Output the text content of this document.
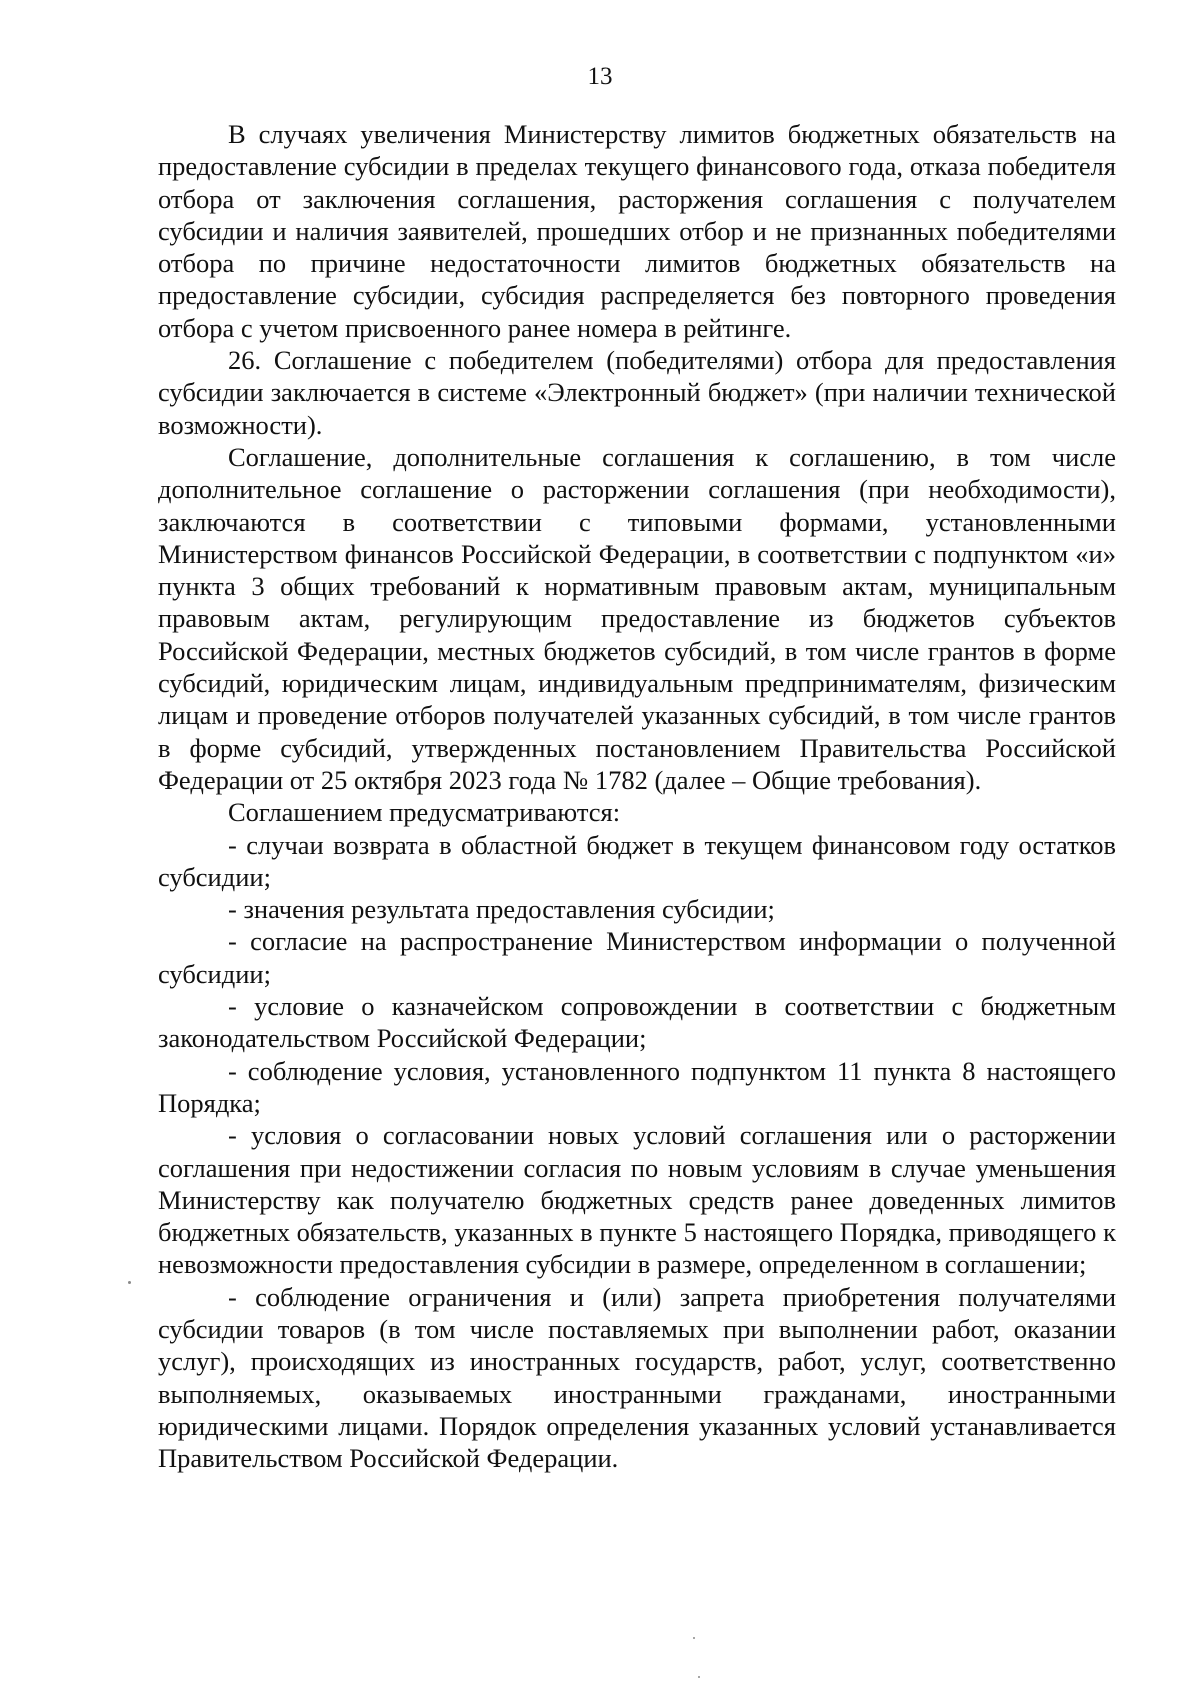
13

В случаях увеличения Министерству лимитов бюджетных обязательств на предоставление субсидии в пределах текущего финансового года, отказа победителя отбора от заключения соглашения, расторжения соглашения с получателем субсидии и наличия заявителей, прошедших отбор и не признанных победителями отбора по причине недостаточности лимитов бюджетных обязательств на предоставление субсидии, субсидия распределяется без повторного проведения отбора с учетом присвоенного ранее номера в рейтинге.

26. Соглашение с победителем (победителями) отбора для предоставления субсидии заключается в системе «Электронный бюджет» (при наличии технической возможности).

Соглашение, дополнительные соглашения к соглашению, в том числе дополнительное соглашение о расторжении соглашения (при необходимости), заключаются в соответствии с типовыми формами, установленными Министерством финансов Российской Федерации, в соответствии с подпунктом «и» пункта 3 общих требований к нормативным правовым актам, муниципальным правовым актам, регулирующим предоставление из бюджетов субъектов Российской Федерации, местных бюджетов субсидий, в том числе грантов в форме субсидий, юридическим лицам, индивидуальным предпринимателям, физическим лицам и проведение отборов получателей указанных субсидий, в том числе грантов в форме субсидий, утвержденных постановлением Правительства Российской Федерации от 25 октября 2023 года № 1782 (далее – Общие требования).

Соглашением предусматриваются:

- случаи возврата в областной бюджет в текущем финансовом году остатков субсидии;

- значения результата предоставления субсидии;

- согласие на распространение Министерством информации о полученной субсидии;

- условие о казначейском сопровождении в соответствии с бюджетным законодательством Российской Федерации;

- соблюдение условия, установленного подпунктом 11 пункта 8 настоящего Порядка;

- условия о согласовании новых условий соглашения или о расторжении соглашения при недостижении согласия по новым условиям в случае уменьшения Министерству как получателю бюджетных средств ранее доведенных лимитов бюджетных обязательств, указанных в пункте 5 настоящего Порядка, приводящего к невозможности предоставления субсидии в размере, определенном в соглашении;

- соблюдение ограничения и (или) запрета приобретения получателями субсидии товаров (в том числе поставляемых при выполнении работ, оказании услуг), происходящих из иностранных государств, работ, услуг, соответственно выполняемых, оказываемых иностранными гражданами, иностранными юридическими лицами. Порядок определения указанных условий устанавливается Правительством Российской Федерации.
